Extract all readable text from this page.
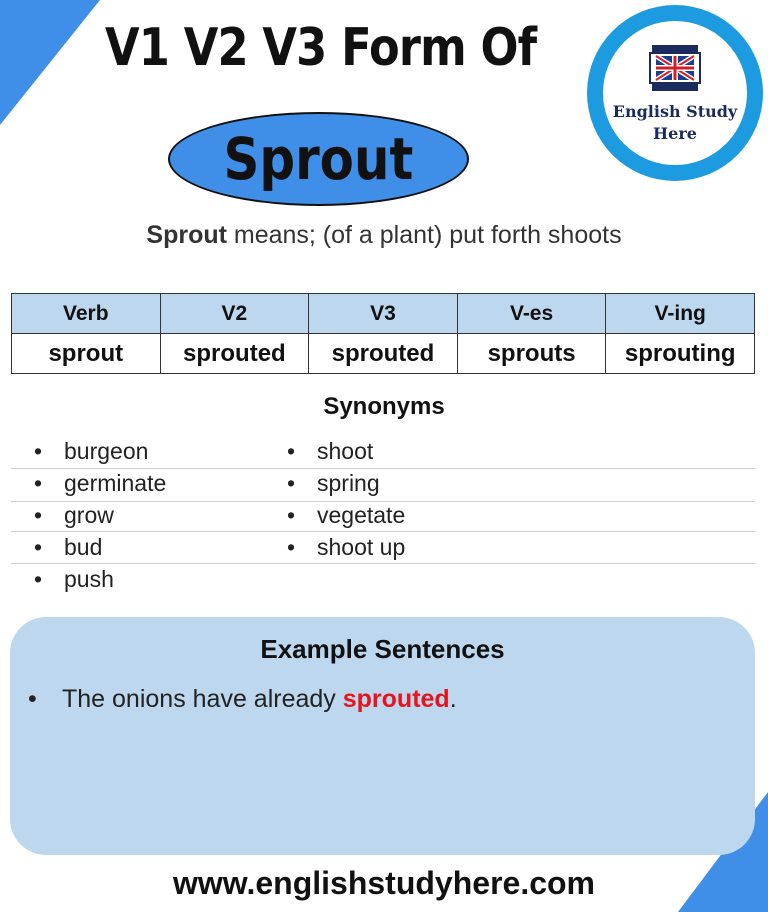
V1 V2 V3 Form Of
Sprout
English Study
Here
Sprout means; (of a plant) put forth shoots
Verb	V2	V3	V-es	V-ing
sprout	sprouted	sprouted	sprouts	sprouting
Synonyms
• burgeon
• germinate
• grow
• bud
• push
• shoot
• spring
• vegetate
• shoot up
Example Sentences
• The onions have already sprouted.
www.englishstudyhere.com
